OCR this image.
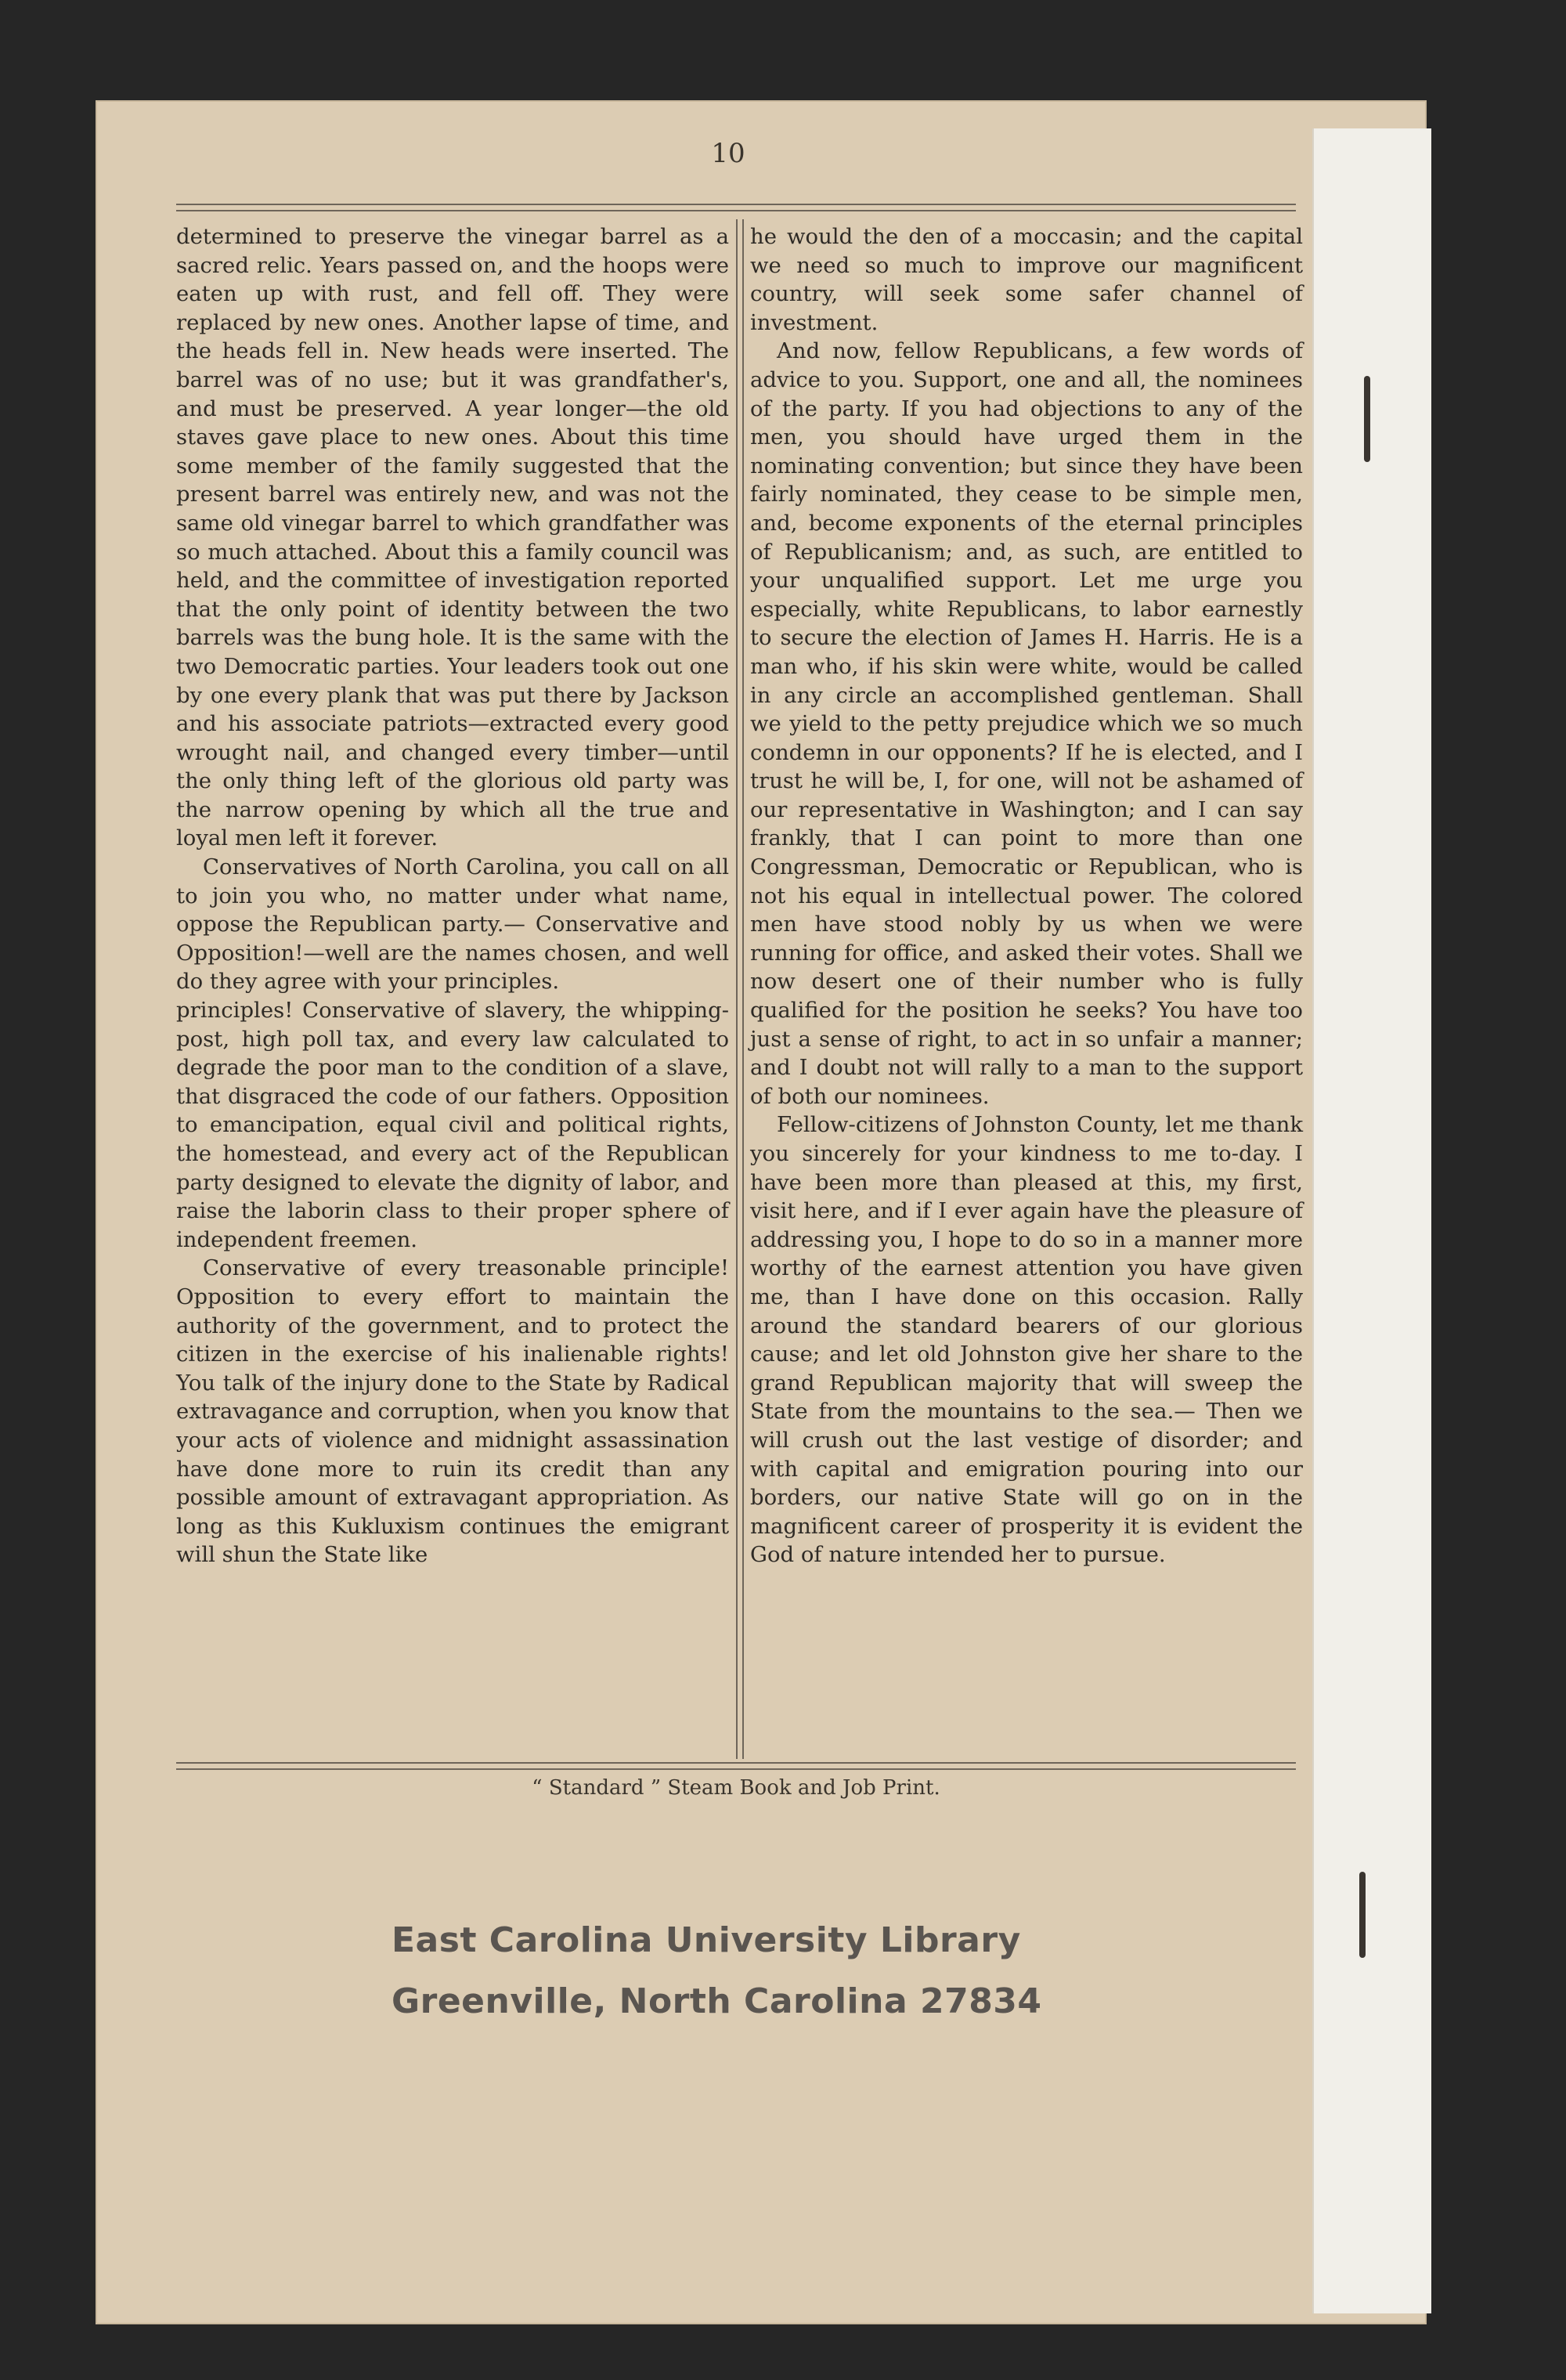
10

determined to preserve the vinegar barrel as a sacred relic. Years passed on, and the hoops were eaten up with rust, and fell off. They were replaced by new ones. Another lapse of time, and the heads fell in. New heads were inserted. The barrel was of no use; but it was grandfather's, and must be preserved. A year longer—the old staves gave place to new ones. About this time some member of the family suggested that the present barrel was entirely new, and was not the same old vinegar barrel to which grandfather was so much attached. About this a family council was held, and the committee of investigation reported that the only point of identity between the two barrels was the bung hole. It is the same with the two Democratic parties. Your leaders took out one by one every plank that was put there by Jackson and his associate patriots—extracted every good wrought nail, and changed every timber—until the only thing left of the glorious old party was the narrow opening by which all the true and loyal men left it forever.

Conservatives of North Carolina, you call on all to join you who, no matter under what name, oppose the Republican party.— Conservative and Opposition!—well are the names chosen, and well do they agree with your principles.

principles! Conservative of slavery, the whipping-post, high poll tax, and every law calculated to degrade the poor man to the condition of a slave, that disgraced the code of our fathers. Opposition to emancipation, equal civil and political rights, the homestead, and every act of the Republican party designed to elevate the dignity of labor, and raise the laborin class to their proper sphere of independent freemen.

Conservative of every treasonable principle! Opposition to every effort to maintain the authority of the government, and to protect the citizen in the exercise of his inalienable rights! You talk of the injury done to the State by Radical extravagance and corruption, when you know that your acts of violence and midnight assassination have done more to ruin its credit than any possible amount of extravagant appropriation. As long as this Kukluxism continues the emigrant will shun the State like

he would the den of a moccasin; and the capital we need so much to improve our magnificent country, will seek some safer channel of investment.

And now, fellow Republicans, a few words of advice to you. Support, one and all, the nominees of the party. If you had objections to any of the men, you should have urged them in the nominating convention; but since they have been fairly nominated, they cease to be simple men, and, become exponents of the eternal principles of Republicanism; and, as such, are entitled to your unqualified support. Let me urge you especially, white Republicans, to labor earnestly to secure the election of James H. Harris. He is a man who, if his skin were white, would be called in any circle an accomplished gentleman. Shall we yield to the petty prejudice which we so much condemn in our opponents? If he is elected, and I trust he will be, I, for one, will not be ashamed of our representative in Washington; and I can say frankly, that I can point to more than one Congressman, Democratic or Republican, who is not his equal in intellectual power. The colored men have stood nobly by us when we were running for office, and asked their votes. Shall we now desert one of their number who is fully qualified for the position he seeks? You have too just a sense of right, to act in so unfair a manner; and I doubt not will rally to a man to the support of both our nominees.

Fellow-citizens of Johnston County, let me thank you sincerely for your kindness to me to-day. I have been more than pleased at this, my first, visit here, and if I ever again have the pleasure of addressing you, I hope to do so in a manner more worthy of the earnest attention you have given me, than I have done on this occasion. Rally around the standard bearers of our glorious cause; and let old Johnston give her share to the grand Republican majority that will sweep the State from the mountains to the sea.— Then we will crush out the last vestige of disorder; and with capital and emigration pouring into our borders, our native State will go on in the magnificent career of prosperity it is evident the God of nature intended her to pursue.

“ Standard ” Steam Book and Job Print.
East Carolina University Library
Greenville, North Carolina 27834
